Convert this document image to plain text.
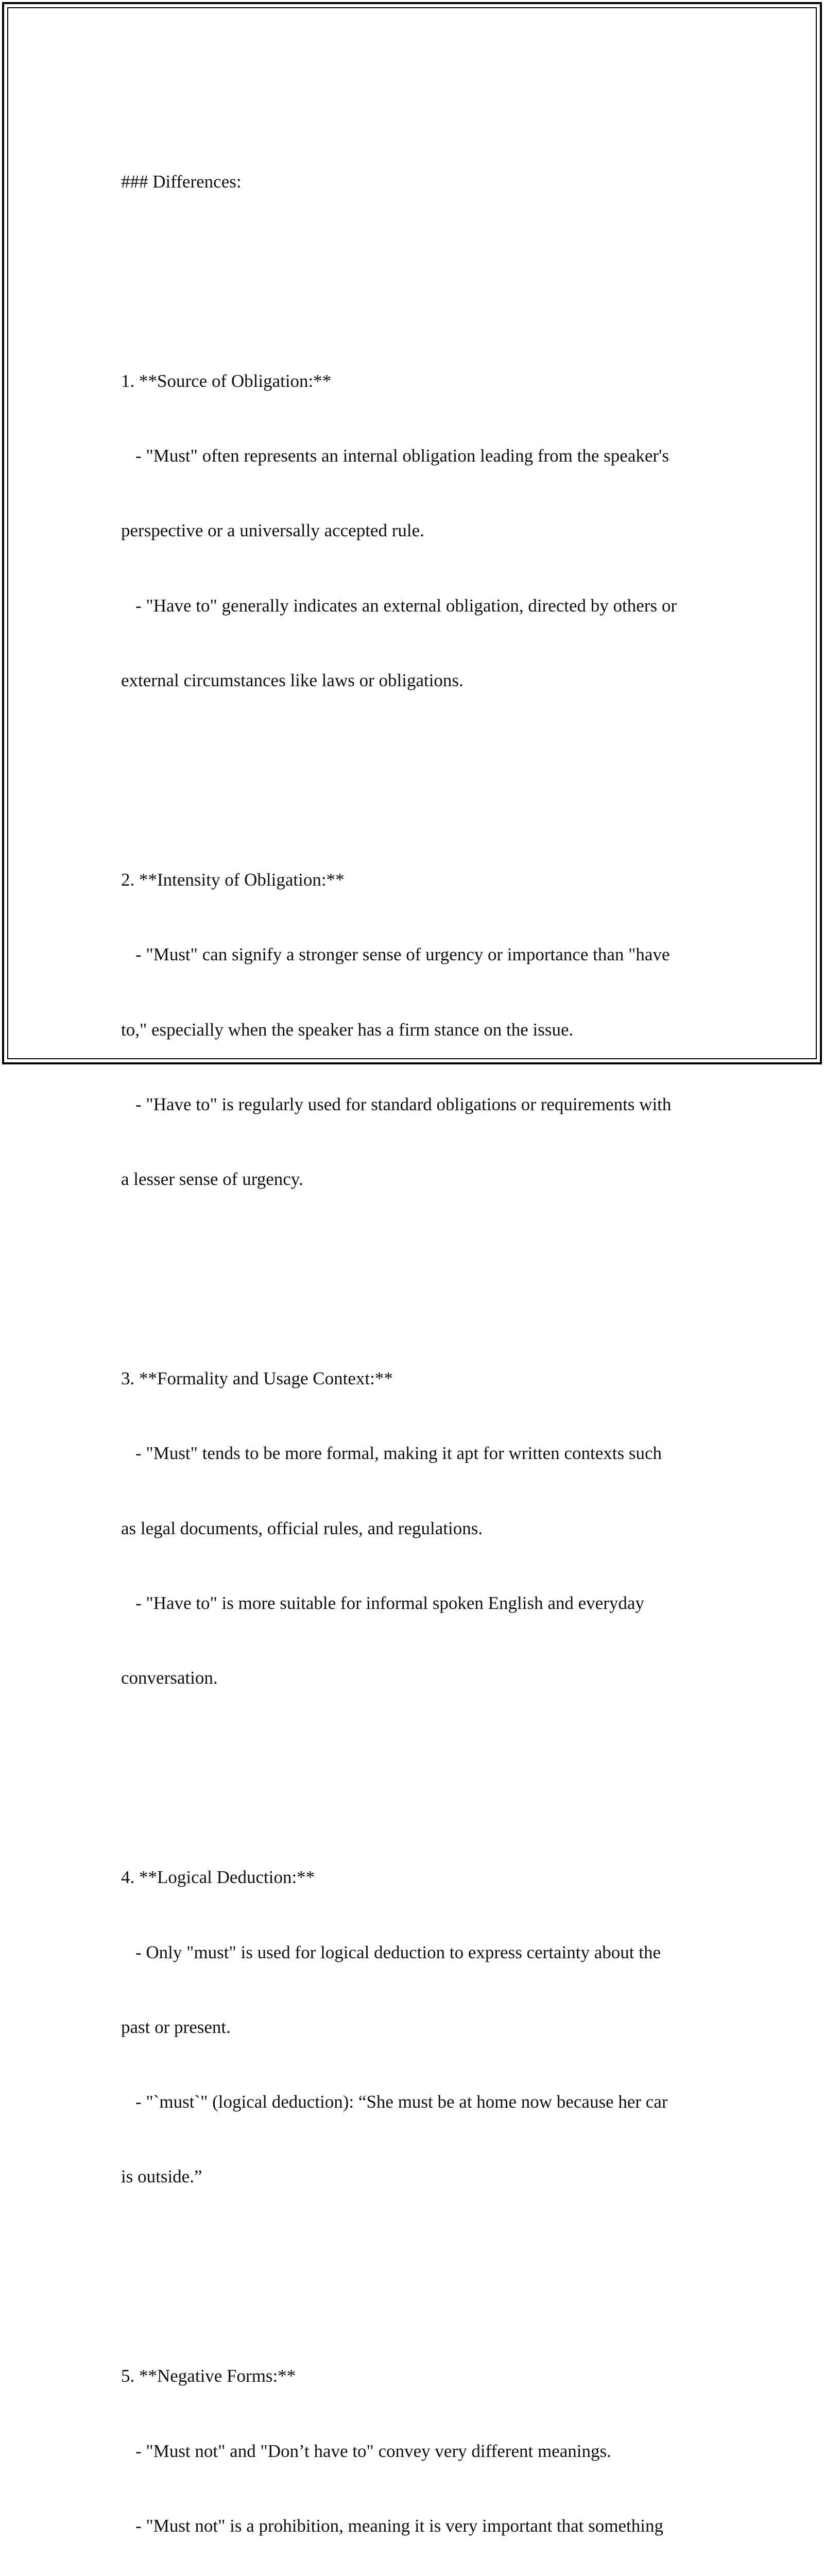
### Differences:

1. **Source of Obligation:**

- "Must" often represents an internal obligation leading from the speaker's

perspective or a universally accepted rule.

- "Have to" generally indicates an external obligation, directed by others or

external circumstances like laws or obligations.

2. **Intensity of Obligation:**

- "Must" can signify a stronger sense of urgency or importance than "have

to," especially when the speaker has a firm stance on the issue.

- "Have to" is regularly used for standard obligations or requirements with

a lesser sense of urgency.

3. **Formality and Usage Context:**

- "Must" tends to be more formal, making it apt for written contexts such

as legal documents, official rules, and regulations.

- "Have to" is more suitable for informal spoken English and everyday

conversation.

4. **Logical Deduction:**

- Only "must" is used for logical deduction to express certainty about the

past or present.

- "`must`" (logical deduction): “She must be at home now because her car

is outside.”

5. **Negative Forms:**

- "Must not" and "Don’t have to" convey very different meanings.

- "Must not" is a prohibition, meaning it is very important that something
